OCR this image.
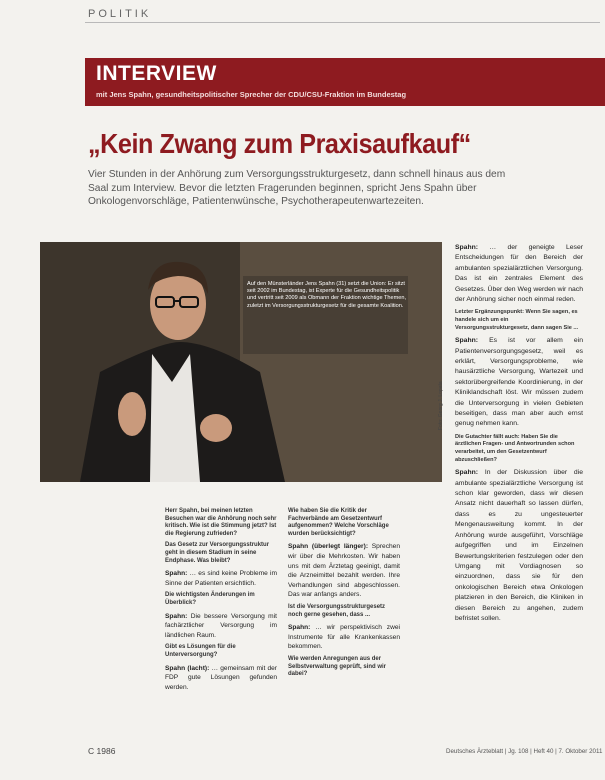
POLITIK
INTERVIEW
mit Jens Spahn, gesundheitspolitischer Sprecher der CDU/CSU-Fraktion im Bundestag
„Kein Zwang zum Praxisaufkauf“
Vier Stunden in der Anhörung zum Versorgungsstrukturgesetz, dann schnell hinaus aus dem Saal zum Interview. Bevor die letzten Fragerunden beginnen, spricht Jens Spahn über Onkologenvorschläge, Patientenwünsche, Psychotherapeutenwartezeiten.
Auf den Münsterländer Jens Spahn (31) setzt die Union: Er sitzt seit 2002 im Bundestag, ist Experte für die Gesundheitspolitik und vertritt seit 2009 als Obmann der Fraktion wichtige Themen, zuletzt im Versorgungsstrukturgesetz für die gesamte Koalition.
Foto: Georg J. Lopata

Herr Spahn, bei meinen letzten Besuchen war die Anhörung noch sehr kritisch. Wie ist die Stimmung jetzt? Ist die Regierung zufrieden?

Das Gesetz zur Versorgungsstruktur geht in diesem Stadium in seine Endphase. Was bleibt?

Spahn: … es sind keine Probleme im Sinne der Patienten ersichtlich.

Die wichtigsten Änderungen im Überblick?

Spahn: Die bessere Versorgung mit fachärztlicher Versorgung im ländlichen Raum.

Gibt es Lösungen für die Unterversorgung?

Spahn (lacht): … gemeinsam mit der FDP gute Lösungen gefunden werden.

Wie haben Sie die Kritik der Fachverbände am Gesetzentwurf aufgenommen? Welche Vorschläge wurden berücksichtigt?

Spahn (überlegt länger): Sprechen wir über die Mehrkosten. Wir haben uns mit dem Ärztetag geeinigt, damit die Arzneimittel bezahlt werden. Ihre Verhandlungen sind abgeschlossen. Das war anfangs anders.

Ist die Versorgungsstrukturgesetz noch gerne gesehen, dass ...

Spahn: … wir perspektivisch zwei Instrumente für alle Krankenkassen bekommen.

Wie werden Anregungen aus der Selbstverwaltung geprüft, sind wir dabei?

Spahn: … der geneigte Leser Entscheidungen für den Bereich der ambulanten spezialärztlichen Versorgung. Das ist ein zentrales Element des Gesetzes. Über den Weg werden wir nach der Anhörung sicher noch einmal reden.

Letzter Ergänzungspunkt: Wenn Sie sagen, es handele sich um ein Versorgungsstrukturgesetz, dann sagen Sie ...

Spahn: Es ist vor allem ein Patientenversorgungsgesetz, weil es erklärt, Versorgungsprobleme, wie hausärztliche Versorgung, Wartezeit und sektorübergreifende Koordinierung, in der Kliniklandschaft löst. Wir müssen zudem die Unterversorgung in vielen Gebieten beseitigen, dass man aber auch ernst genug nehmen kann.

Die Gutachter fällt auch: Haben Sie die ärztlichen Fragen- und Antwortrunden schon verarbeitet, um den Gesetzentwurf abzuschließen?

Spahn: In der Diskussion über die ambulante spezialärztliche Versorgung ist schon klar geworden, dass wir diesen Ansatz nicht dauerhaft so lassen dürfen, dass es zu ungesteuerter Mengenausweitung kommt. In der Anhörung wurde ausgeführt, Vorschläge aufgegriffen und im Einzelnen Bewertungskriterien festzulegen oder den Umgang mit Vordiagnosen so einzuordnen, dass sie für den onkologischen Bereich etwa Onkologen platzieren in den Bereich, die Kliniken in diesen Bereich zu angehen, zudem befristet sollen.

C 1986	Deutsches Ärzteblatt | Jg. 108 | Heft 40 | 7. Oktober 2011
